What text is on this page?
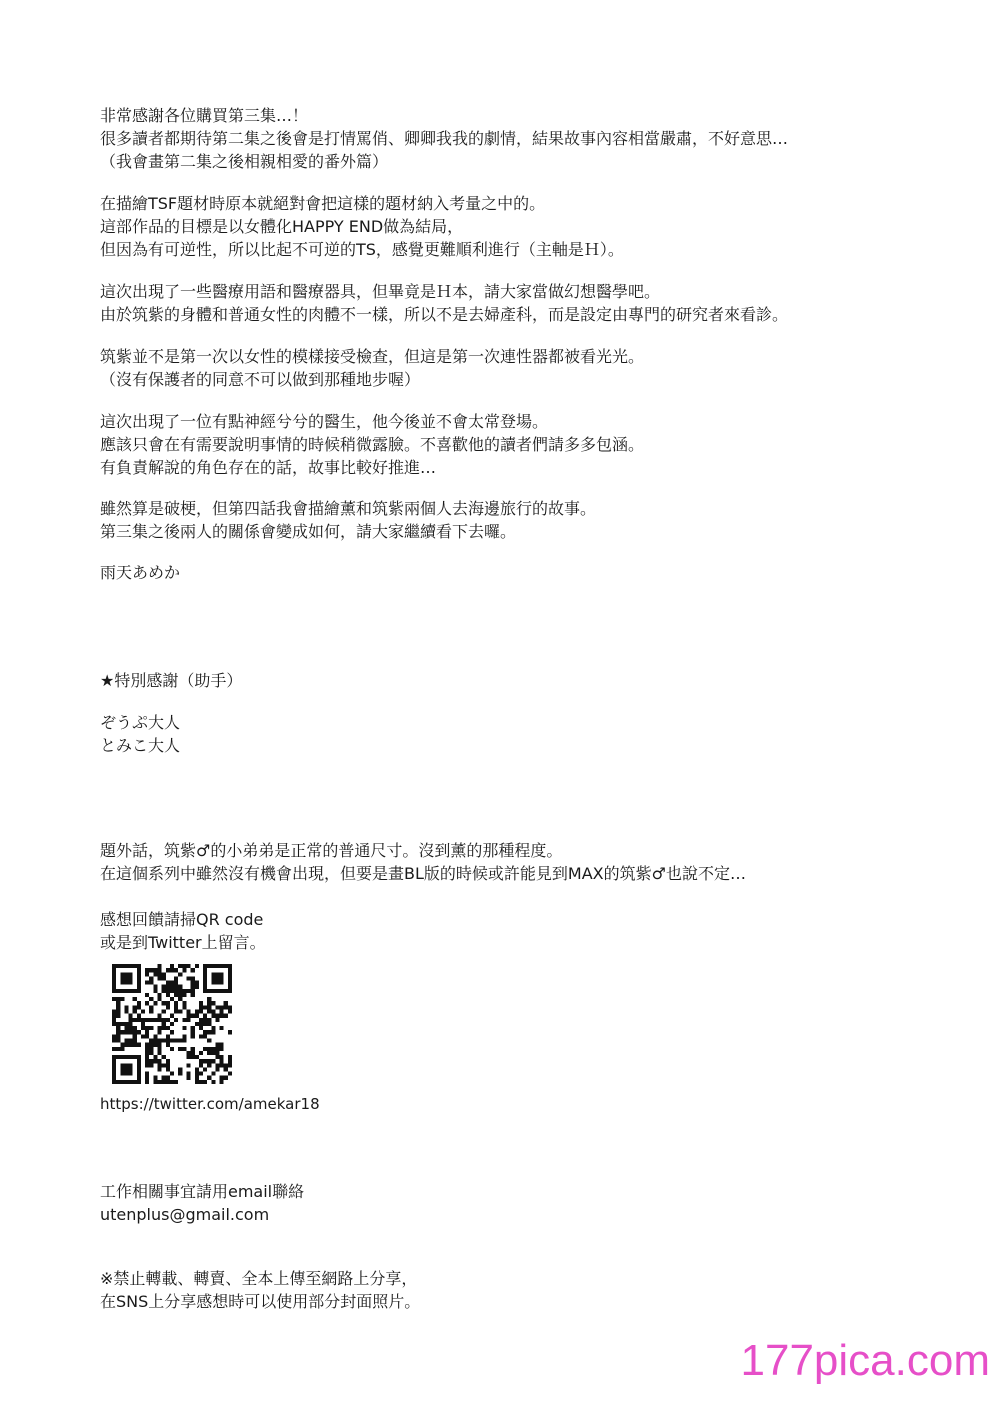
非常感謝各位購買第三集…！
很多讀者都期待第二集之後會是打情罵俏、卿卿我我的劇情，結果故事內容相當嚴肅，不好意思…
（我會畫第二集之後相親相愛的番外篇）
在描繪TSF題材時原本就絕對會把這樣的題材納入考量之中的。
這部作品的目標是以女體化HAPPY END做為結局，
但因為有可逆性，所以比起不可逆的TS，感覺更難順利進行（主軸是Ｈ）。
這次出現了一些醫療用語和醫療器具，但畢竟是Ｈ本，請大家當做幻想醫學吧。
由於筑紫的身體和普通女性的肉體不一樣，所以不是去婦產科，而是設定由專門的研究者來看診。
筑紫並不是第一次以女性的模樣接受檢查，但這是第一次連性器都被看光光。
（沒有保護者的同意不可以做到那種地步喔）
這次出現了一位有點神經兮兮的醫生，他今後並不會太常登場。
應該只會在有需要說明事情的時候稍微露臉。不喜歡他的讀者們請多多包涵。
有負責解說的角色存在的話，故事比較好推進…
雖然算是破梗，但第四話我會描繪薰和筑紫兩個人去海邊旅行的故事。
第三集之後兩人的關係會變成如何，請大家繼續看下去囉。
雨天あめか
★特別感謝（助手）
ぞうぷ大人
とみこ大人
題外話，筑紫♂的小弟弟是正常的普通尺寸。沒到薰的那種程度。
在這個系列中雖然沒有機會出現，但要是畫BL版的時候或許能見到MAX的筑紫♂也說不定…
感想回饋請掃QR code
或是到Twitter上留言。
https://twitter.com/amekar18
工作相關事宜請用email聯絡
utenplus@gmail.com
※禁止轉載、轉賣、全本上傳至網路上分享，
在SNS上分享感想時可以使用部分封面照片。
177pica.com
